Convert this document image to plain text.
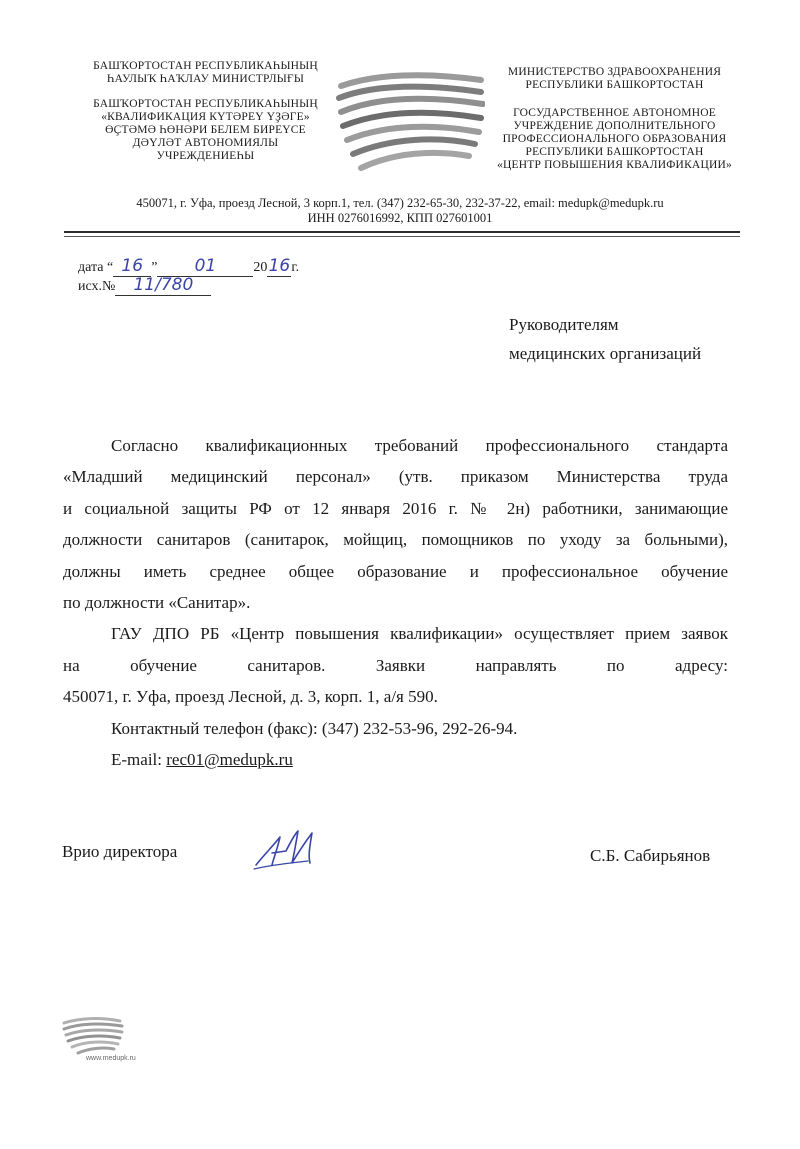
БАШҠОРТОСТАН РЕСПУБЛИКАҺЫНЫҢ
ҺАУЛЫҠ ҺАҠЛАУ МИНИСТРЛЫҒЫ
БАШҠОРТОСТАН РЕСПУБЛИКАҺЫНЫҢ
«КВАЛИФИКАЦИЯ КҮТӘРЕҮ ҮҘӘГЕ»
ӨҪТӘМӘ ҺӨНӘРИ БЕЛЕМ БИРЕҮСЕ
ДӘҮЛӘТ АВТОНОМИЯЛЫ
УЧРЕЖДЕНИЕҺЫ
МИНИСТЕРСТВО ЗДРАВООХРАНЕНИЯ
РЕСПУБЛИКИ БАШКОРТОСТАН
ГОСУДАРСТВЕННОЕ АВТОНОМНОЕ
УЧРЕЖДЕНИЕ ДОПОЛНИТЕЛЬНОГО
ПРОФЕССИОНАЛЬНОГО ОБРАЗОВАНИЯ
РЕСПУБЛИКИ БАШКОРТОСТАН
«ЦЕНТР ПОВЫШЕНИЯ КВАЛИФИКАЦИИ»
450071, г. Уфа, проезд Лесной, 3 корп.1, тел. (347) 232-65-30, 232-37-22, email: medupk@medupk.ru
ИНН 0276016992, КПП 027601001
дата “ 16 ” 01	2016г.
исх.№ 11/780
Руководителям
медицинских организаций

Согласно квалификационных требований профессионального стандарта

«Младший медицинский персонал» (утв. приказом Министерства труда

и социальной защиты РФ от 12 января 2016 г. № 2н) работники, занимающие

должности санитаров (санитарок, мойщиц, помощников по уходу за больными),

должны иметь среднее общее образование и профессиональное обучение

по должности «Санитар».

ГАУ ДПО РБ «Центр повышения квалификации» осуществляет прием заявок

на обучение санитаров. Заявки направлять по адресу:

450071, г. Уфа, проезд Лесной, д. 3, корп. 1, а/я 590.

Контактный телефон (факс): (347) 232-53-96, 292-26-94.

E-mail: rec01@medupk.ru

Врио директора	С.Б. Сабирьянов
www.medupk.ru
